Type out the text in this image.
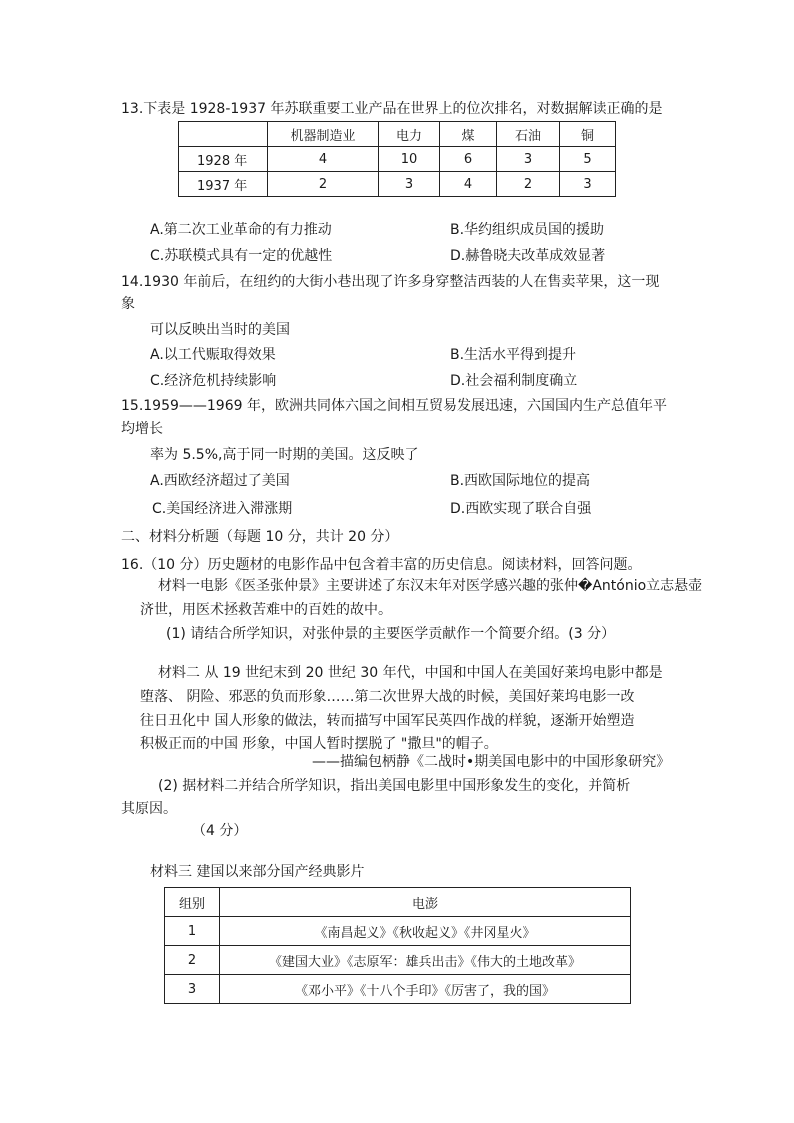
13.下表是 1928-1937 年苏联重要工业产品在世界上的位次排名，对数据解读正确的是
	机器制造业	电力	煤	石油	铜
1928 年	4	10	6	3	5
1937 年	2	3	4	2	3
A.第二次工业革命的有力推动	B.华约组织成员国的援助
C.苏联模式具有一定的优越性	D.赫鲁晓夫改革成效显著
14.1930 年前后，在纽约的大街小巷出现了许多身穿整洁西装的人在售卖苹果，这一现
象
可以反映出当时的美国
A.以工代赈取得效果	B.生活水平得到提升
C.经济危机持续影响	D.社会福利制度确立
15.1959——1969 年，欧洲共同体六国之间相互贸易发展迅速，六国国内生产总值年平
均增长
率为 5.5%,高于同一时期的美国。这反映了
A.西欧经济超过了美国	B.西欧国际地位的提高
C.美国经济进入滞涨期	D.西欧实现了联合自强
二、材料分析题（每题 10 分，共计 20 分）
16.（10 分）历史题材的电影作品中包含着丰富的历史信息。阅读材料，回答问题。
材料一电影《医圣张仲景》主要讲述了东汉末年对医学感兴趣的张仲�António立志悬壶
济世，用医术拯救苦难中的百姓的故中。
(1) 请结合所学知识，对张仲景的主要医学贡献作一个简要介绍。(3 分）
材料二 从 19 世纪末到 20 世纪 30 年代，中国和中国人在美国好莱坞电影中都是
堕落、 阴险、邪恶的负而形象……第二次世界大战的时候，美国好莱坞电影一改
往日丑化中 国人形象的做法，转而描写中国军民英四作战的样貌，逐渐开始塑造
积极正而的中国 形象，中国人暂时摆脱了 "撒旦"的帽子。
——描编包柄静《二战时•期美国电影中的中国形象研究》
(2) 据材料二并结合所学知识，指出美国电影里中国形象发生的变化，并简析
其原因。
（4 分）
材料三 建国以来部分国产经典影片
组别	电澎
1	《南昌起义》《秋收起义》《井冈星火》
2	《建国大业》《志原军：雄兵出击》《伟大的土地改革》
3	《邓小平》《十八个手印》《厉害了，我的国》
